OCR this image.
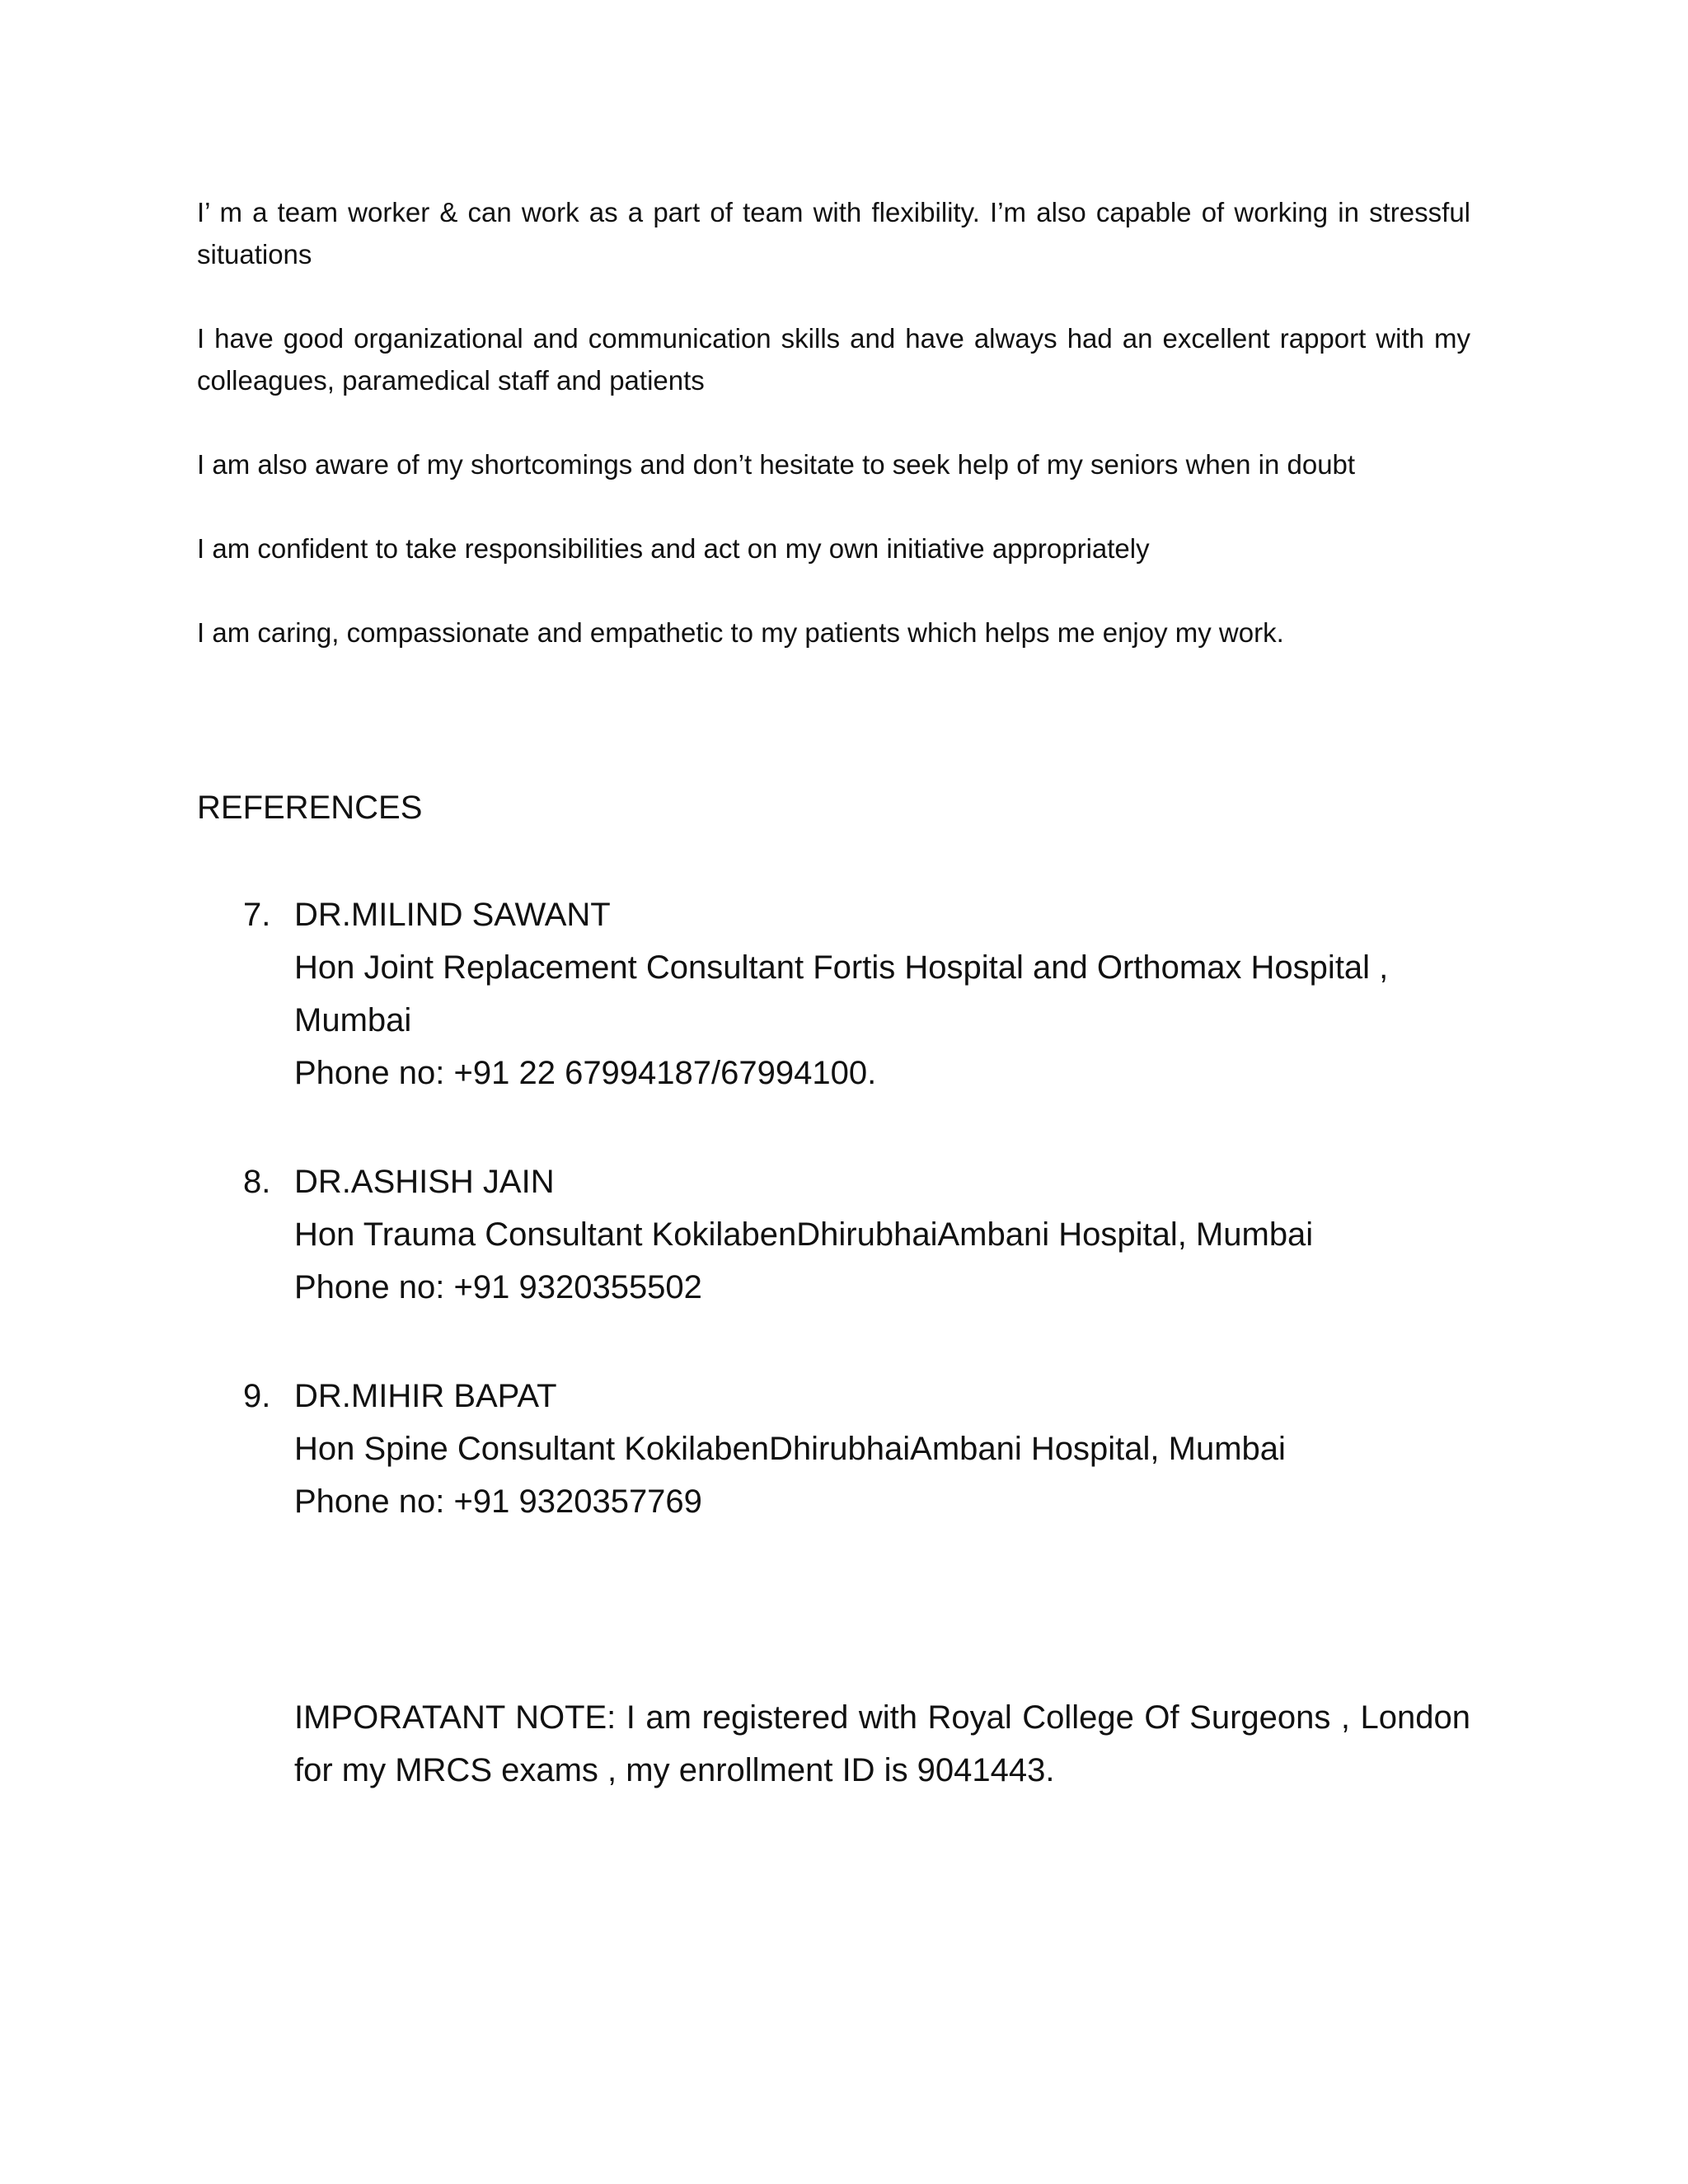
I’ m a team worker & can work as a part of team with flexibility. I’m also capable of working in stressful situations

I have good organizational and communication skills and have always had an excellent rapport with my colleagues, paramedical staff and patients

I am also aware of my shortcomings and don’t hesitate to seek help of my seniors when in doubt

I am confident to take responsibilities and act on my own initiative appropriately

I am caring, compassionate and empathetic to my patients which helps me enjoy my work.

REFERENCES
7. DR.MILIND SAWANT
Hon Joint Replacement Consultant Fortis Hospital and Orthomax Hospital , Mumbai
Phone no: +91 22 67994187/67994100.
8. DR.ASHISH JAIN
Hon Trauma Consultant KokilabenDhirubhaiAmbani Hospital, Mumbai
Phone no: +91 9320355502
9. DR.MIHIR BAPAT
Hon Spine Consultant KokilabenDhirubhaiAmbani Hospital, Mumbai
Phone no: +91 9320357769

IMPORATANT NOTE: I am registered with Royal College Of Surgeons , London for my MRCS exams , my enrollment ID is 9041443.
